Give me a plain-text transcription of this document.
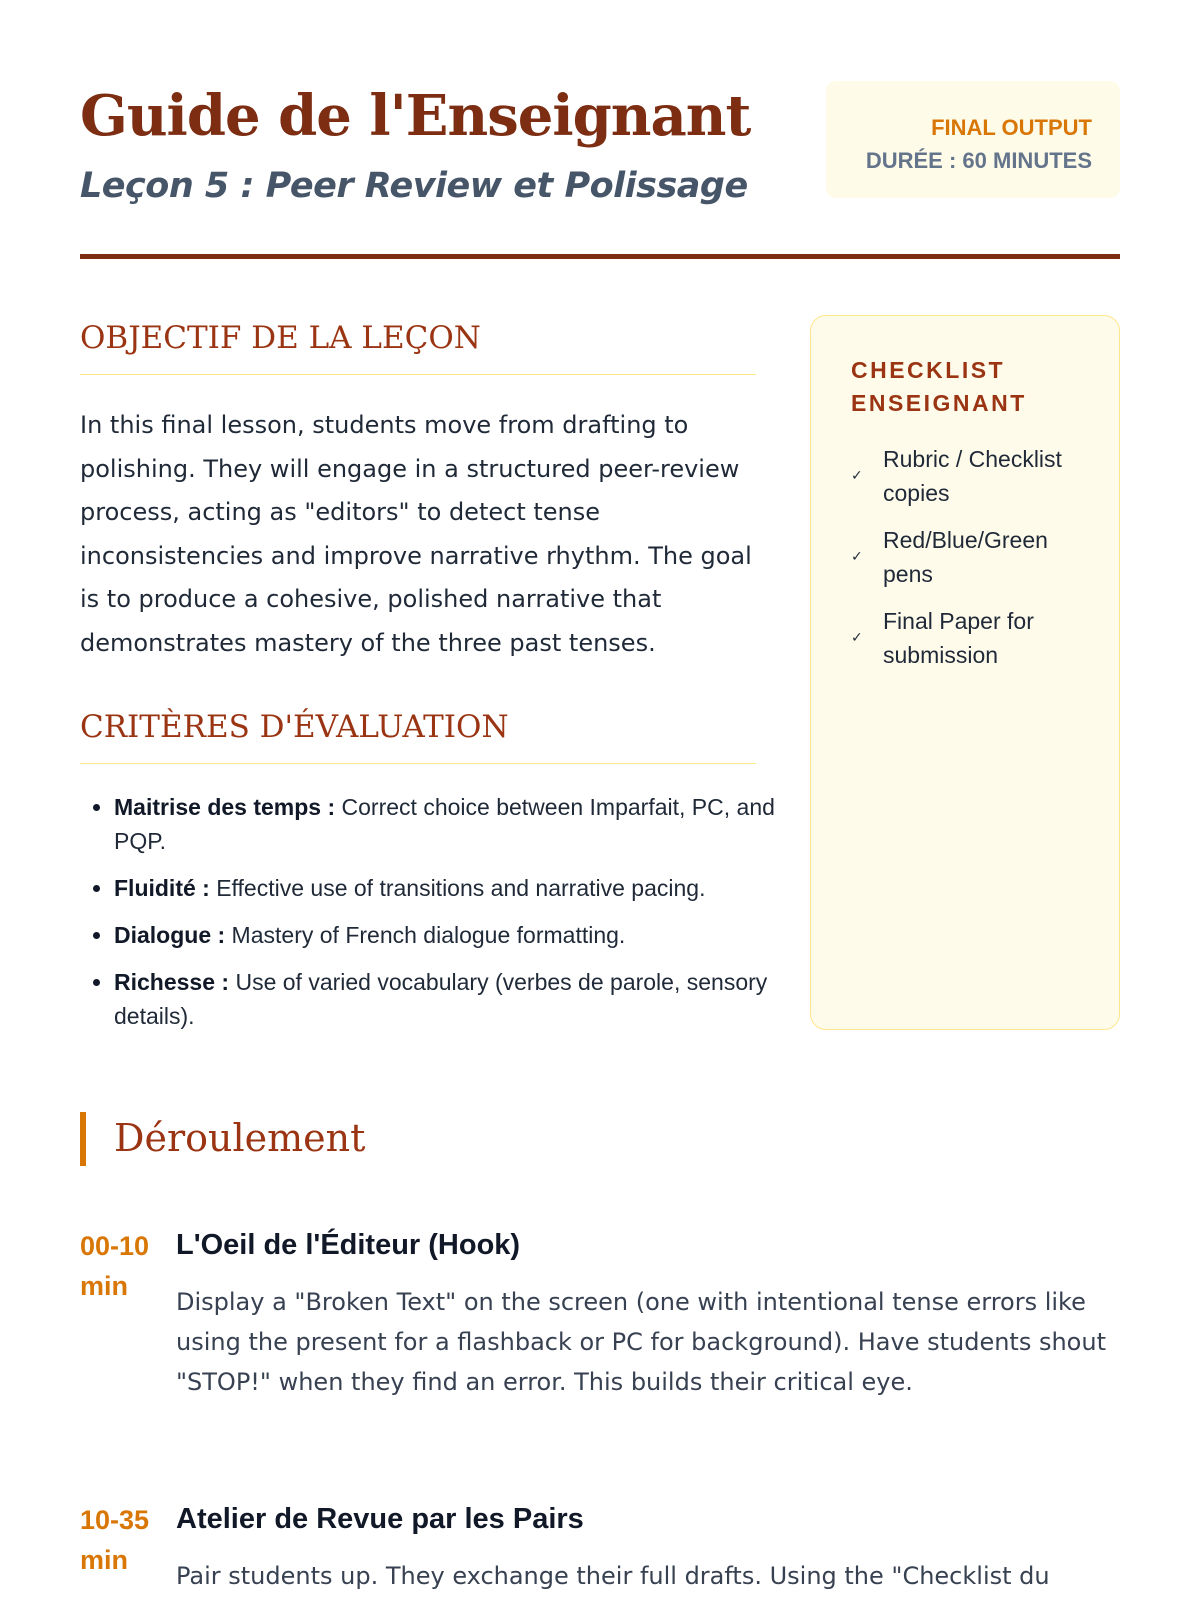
Guide de l'Enseignant
Leçon 5 : Peer Review et Polissage
FINAL OUTPUT
DURÉE : 60 MINUTES
OBJECTIF DE LA LEÇON

In this final lesson, students move from drafting to polishing. They will engage in a structured peer-review process, acting as "editors" to detect tense inconsistencies and improve narrative rhythm. The goal is to produce a cohesive, polished narrative that demonstrates mastery of the three past tenses.

CRITÈRES D'ÉVALUATION
• Maitrise des temps : Correct choice between Imparfait, PC, and PQP.
• Fluidité : Effective use of transitions and narrative pacing.
• Dialogue : Mastery of French dialogue formatting.
• Richesse : Use of varied vocabulary (verbes de parole, sensory details).
CHECKLIST
ENSEIGNANT
✓
Rubric / Checklist copies
✓
Red/Blue/Green pens
✓
Final Paper for submission
Déroulement
00-10 min
L'Oeil de l'Éditeur (Hook)

Display a "Broken Text" on the screen (one with intentional tense errors like using the present for a flashback or PC for background). Have students shout "STOP!" when they find an error. This builds their critical eye.

10-35 min
Atelier de Revue par les Pairs

Pair students up. They exchange their full drafts. Using the "Checklist du
